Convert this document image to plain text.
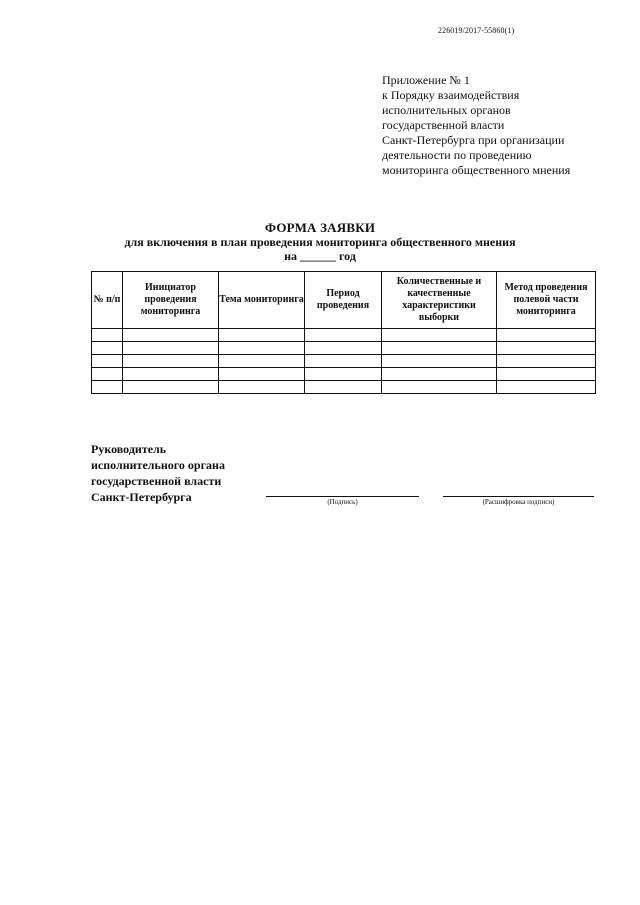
226019/2017-55860(1)
Приложение № 1
к Порядку взаимодействия
исполнительных органов
государственной власти
Санкт-Петербурга при организации
деятельности по проведению
мониторинга общественного мнения
ФОРМА ЗАЯВКИ
для включения в план проведения мониторинга общественного мнения
на ______ год
№ п/п	Инициатор проведения мониторинга	Тема мониторинга	Период проведения	Количественные и качественные характеристики выборки	Метод проведения полевой части мониторинга

Руководитель
исполнительного органа
государственной власти
Санкт-Петербурга	(Подпись)	(Расшифровка подписи)
